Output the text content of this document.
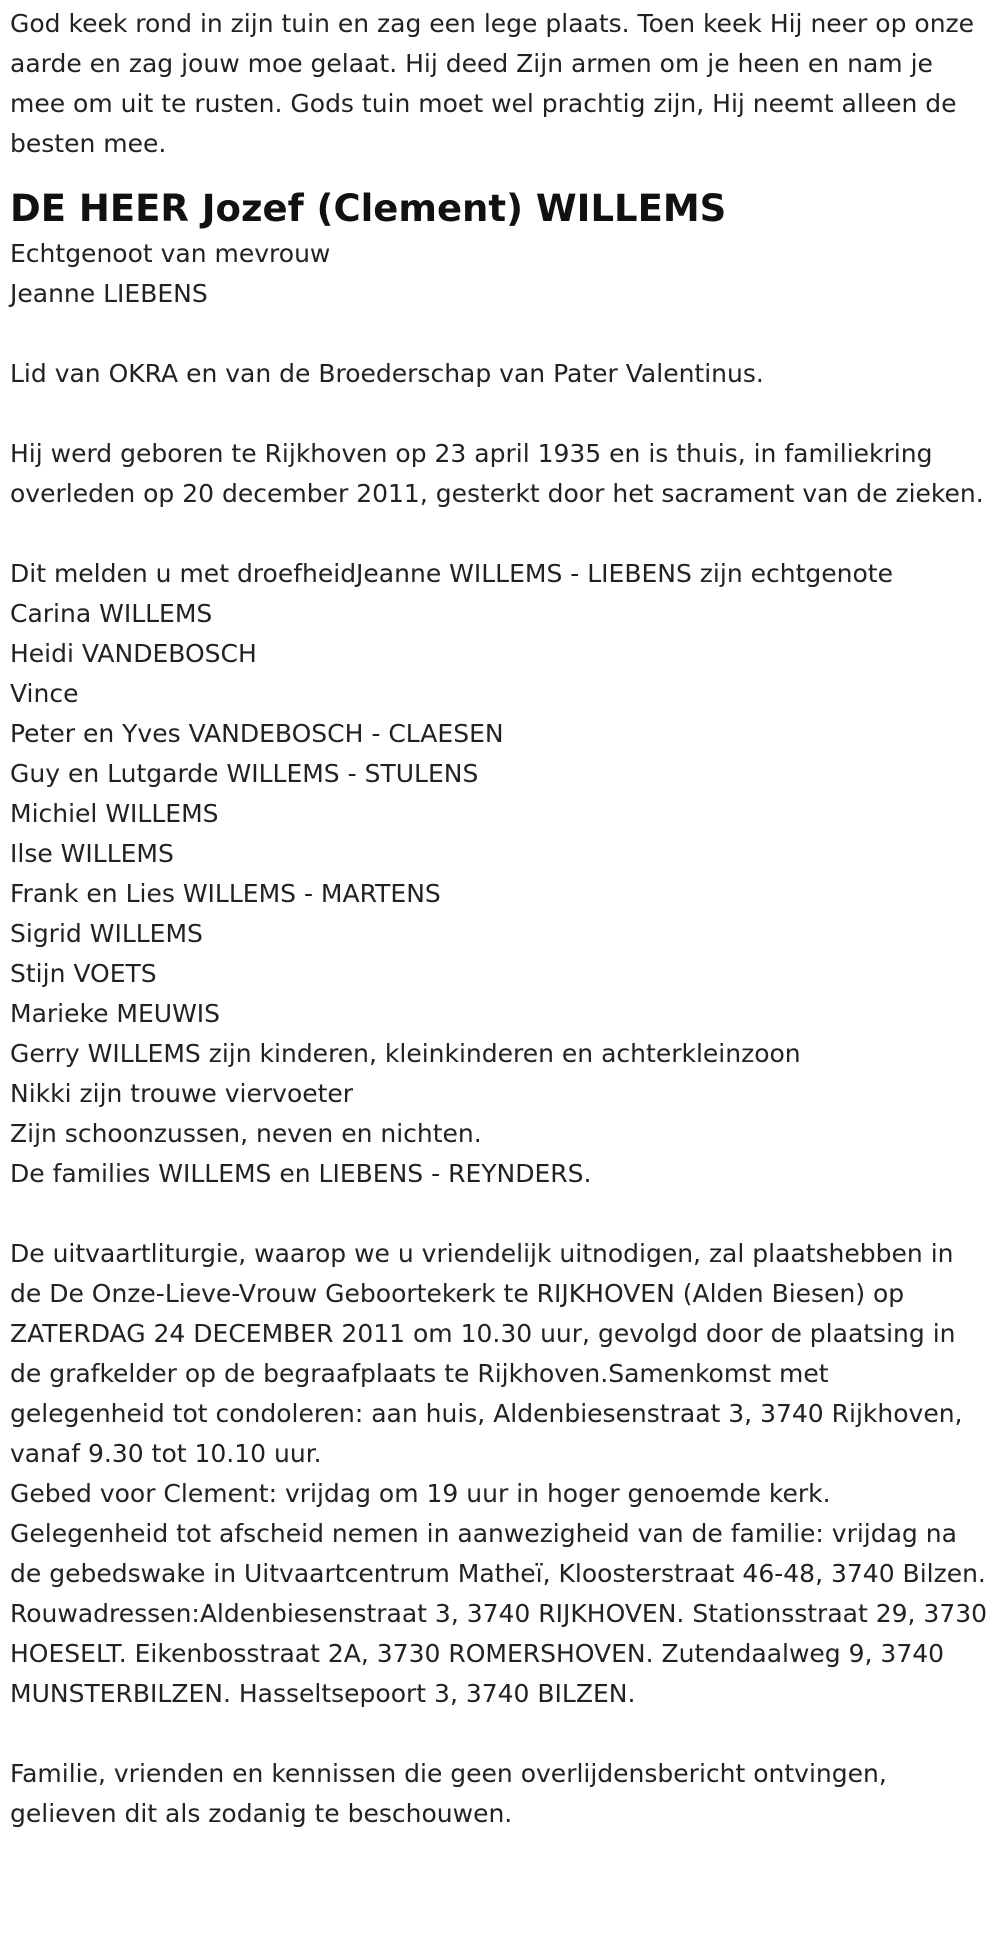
God keek rond in zijn tuin en zag een lege plaats. Toen keek Hij neer op onze aarde en zag jouw moe gelaat. Hij deed Zijn armen om je heen en nam je mee om uit te rusten. Gods tuin moet wel prachtig zijn, Hij neemt alleen de besten mee.

DE HEER Jozef (Clement) WILLEMS
Echtgenoot van mevrouw
Jeanne LIEBENS

Lid van OKRA en van de Broederschap van Pater Valentinus.

Hij werd geboren te Rijkhoven op 23 april 1935 en is thuis, in familiekring overleden op 20 december 2011, gesterkt door het sacrament van de zieken.

Dit melden u met droefheidJeanne WILLEMS - LIEBENS zijn echtgenote
Carina WILLEMS
Heidi VANDEBOSCH
Vince
Peter en Yves VANDEBOSCH - CLAESEN
Guy en Lutgarde WILLEMS - STULENS
Michiel WILLEMS
Ilse WILLEMS
Frank en Lies WILLEMS - MARTENS
Sigrid WILLEMS
Stijn VOETS
Marieke MEUWIS
Gerry WILLEMS zijn kinderen, kleinkinderen en achterkleinzoon
Nikki zijn trouwe viervoeter
Zijn schoonzussen, neven en nichten.
De families WILLEMS en LIEBENS - REYNDERS.

De uitvaartliturgie, waarop we u vriendelijk uitnodigen, zal plaatshebben in de De Onze-Lieve-Vrouw Geboortekerk te RIJKHOVEN (Alden Biesen) op ZATERDAG 24 DECEMBER 2011 om 10.30 uur, gevolgd door de plaatsing in de grafkelder op de begraafplaats te Rijkhoven.Samenkomst met gelegenheid tot condoleren: aan huis, Aldenbiesenstraat 3, 3740 Rijkhoven, vanaf 9.30 tot 10.10 uur.

Gebed voor Clement: vrijdag om 19 uur in hoger genoemde kerk.

Gelegenheid tot afscheid nemen in aanwezigheid van de familie: vrijdag na de gebedswake in Uitvaartcentrum Matheï, Kloosterstraat 46-48, 3740 Bilzen.

Rouwadressen:Aldenbiesenstraat 3, 3740 RIJKHOVEN. Stationsstraat 29, 3730 HOESELT. Eikenbosstraat 2A, 3730 ROMERSHOVEN. Zutendaalweg 9, 3740 MUNSTERBILZEN. Hasseltsepoort 3, 3740 BILZEN.

Familie, vrienden en kennissen die geen overlijdensbericht ontvingen, gelieven dit als zodanig te beschouwen.
